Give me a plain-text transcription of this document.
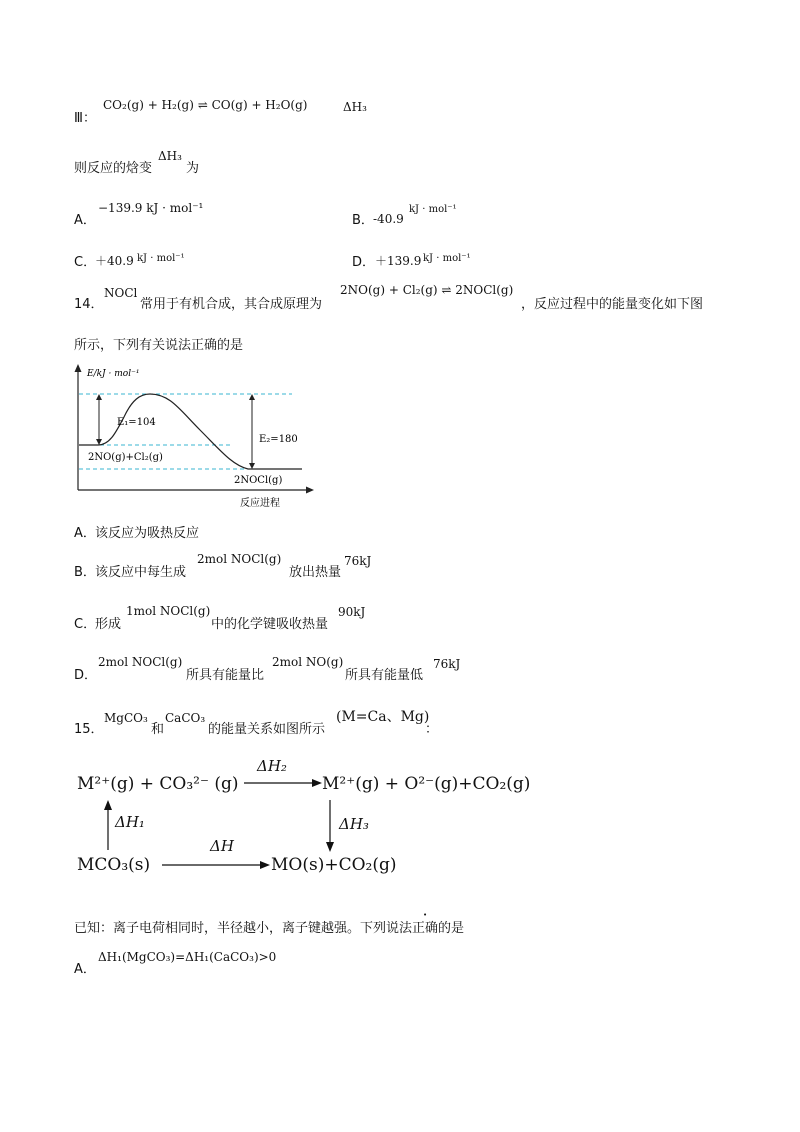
Ⅲ：
CO₂(g) + H₂(g) ⇌ CO(g) + H₂O(g)	ΔH₃
则反应的焓变
ΔH₃
为
A．
−139.9 kJ · mol⁻¹
B． -40.9
kJ · mol⁻¹
C．
＋40.9 kJ · mol⁻¹	D． ＋139.9 kJ · mol⁻¹
14．
NOCl
常用于有机合成，其合成原理为
2NO(g) + Cl₂(g) ⇌ 2NOCl(g)
，反应过程中的能量变化如下图
所示，下列有关说法正确的是
E/kJ · mol⁻¹
E₁=104
E₂=180
2NO(g)+Cl₂(g)
2NOCl(g)
反应进程
A． 该反应为吸热反应
B． 该反应中每生成
2mol NOCl(g)
放出热量
76kJ
C．
形成
1mol NOCl(g)
中的化学键吸收热量
90kJ
D．
2mol NOCl(g)
所具有能量比
2mol NO(g)
所具有能量低
76kJ
15．
MgCO₃
和
CaCO₃
的能量关系如图所示
(M=Ca、Mg)
：
M²⁺(g) + CO₃²⁻ (g)
ΔH₂
M²⁺(g) + O²⁻(g)+CO₂(g)
ΔH₁	ΔH₃
MCO₃(s)
ΔH
MO(s)+CO₂(g)
已知：离子电荷相同时，半径越小，离子键越强。下列说法正确的是
A．
ΔH₁(MgCO₃)=ΔH₁(CaCO₃)>0
